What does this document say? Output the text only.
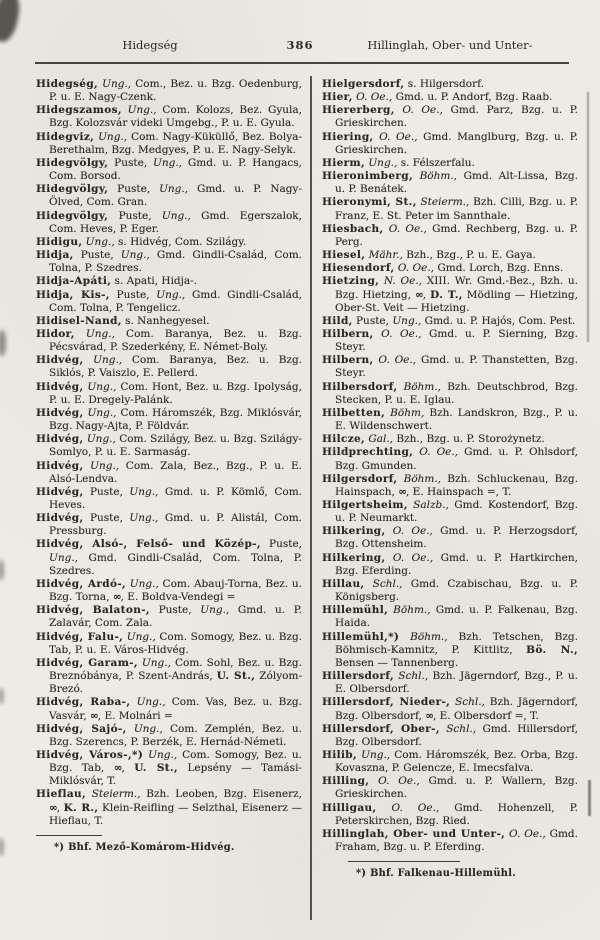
Hidegség	386	Hillinglah, Ober- und Unter-

Hidegség, Ung., Com., Bez. u. Bzg. Oedenburg, P. u. E. Nagy-Czenk.

Hidegszamos, Ung., Com. Kolozs, Bez. Gyula, Bzg. Kolozsvár videki Umgebg., P. u. E. Gyula.

Hidegviz, Ung., Com. Nagy-Küküllő, Bez. Bolya-Berethalm, Bzg. Medgyes, P. u. E. Nagy-Selyk.

Hidegvölgy, Puste, Ung., Gmd. u. P. Hangacs, Com. Borsod.

Hidegvölgy, Puste, Ung., Gmd. u. P. Nagy-Ölved, Com. Gran.

Hidegvölgy, Puste, Ung., Gmd. Egerszalok, Com. Heves, P. Eger.

Hidigu, Ung., s. Hidvég, Com. Szilágy.

Hidja, Puste, Ung., Gmd. Gindli-Család, Com. Tolna, P. Szedres.

Hidja-Apáti, s. Apati, Hidja-.

Hidja, Kis-, Puste, Ung., Gmd. Gindli-Család, Com. Tolna, P. Tengelicz.

Hidisel-Nand, s. Nanhegyesel.

Hidor, Ung., Com. Baranya, Bez. u. Bzg. Pécsvárad, P. Szederkény, E. Német-Boly.

Hidvég, Ung., Com. Baranya, Bez. u. Bzg. Siklós, P. Vaiszlo, E. Pellerd.

Hidvég, Ung., Com. Hont, Bez. u. Bzg. Ipolyság, P. u. E. Dregely-Palánk.

Hidvég, Ung., Com. Háromszék, Bzg. Miklósvár, Bzg. Nagy-Ajta, P. Földvár.

Hidvég, Ung., Com. Szilágy, Bez. u. Bzg. Szilágy-Somlyo, P. u. E. Sarmaság.

Hidvég, Ung., Com. Zala, Bez., Bzg., P. u. E. Alsó-Lendva.

Hidvég, Puste, Ung., Gmd. u. P. Kömlő, Com. Heves.

Hidvég, Puste, Ung., Gmd. u. P. Alistál, Com. Pressburg.

Hidvég, Alsó-, Felső- und Közép-, Puste, Ung., Gmd. Gindli-Család, Com. Tolna, P. Szedres.

Hidvég, Ardó-, Ung., Com. Abauj-Torna, Bez. u. Bzg. Torna, ∞, E. Boldva-Vendegi =

Hidvég, Balaton-, Puste, Ung., Gmd. u. P. Zalavár, Com. Zala.

Hidvég, Falu-, Ung., Com. Somogy, Bez. u. Bzg. Tab, P. u. E. Város-Hidvég.

Hidvég, Garam-, Ung., Com. Sohl, Bez. u. Bzg. Breznóbánya, P. Szent-András, U. St., Zólyom-Brezó.

Hidvég, Raba-, Ung., Com. Vas, Bez. u. Bzg. Vasvár, ∞, E. Molnári =

Hidvég, Sajó-, Ung., Com. Zemplén, Bez. u. Bzg. Szerencs, P. Berzék, E. Hernád-Németi.

Hidvég, Város-,*) Ung., Com. Somogy, Bez. u. Bzg. Tab, ∞, U. St., Lepsény — Tamási-Miklósvár, T.

Hieflau, Steierm., Bzh. Leoben, Bzg. Eisenerz, ∞, K. R., Klein-Reifling — Selzthal, Eisenerz — Hieflau, T.

*) Bhf. Mező-Komárom-Hidvég.

Hielgersdorf, s. Hilgersdorf.

Hier, O. Oe., Gmd. u. P. Andorf, Bzg. Raab.

Hiererberg, O. Oe., Gmd. Parz, Bzg. u. P. Grieskirchen.

Hiering, O. Oe., Gmd. Manglburg, Bzg. u. P. Grieskirchen.

Hierm, Ung., s. Félszerfalu.

Hieronimberg, Böhm., Gmd. Alt-Lissa, Bzg. u. P. Benátek.

Hieronymi, St., Steierm., Bzh. Cilli, Bzg. u. P. Franz, E. St. Peter im Sannthale.

Hiesbach, O. Oe., Gmd. Rechberg, Bzg. u. P. Perg.

Hiesel, Mähr., Bzh., Bzg., P. u. E. Gaya.

Hiesendorf, O. Oe., Gmd. Lorch, Bzg. Enns.

Hietzing, N. Oe., XIII. Wr. Gmd.-Bez., Bzh. u. Bzg. Hietzing, ∞, D. T., Mödling — Hietzing, Ober-St. Veit — Hietzing.

Hild, Puste, Ung., Gmd. u. P. Hajós, Com. Pest.

Hilbern, O. Oe., Gmd. u. P. Sierning, Bzg. Steyr.

Hilbern, O. Oe., Gmd. u. P. Thanstetten, Bzg. Steyr.

Hilbersdorf, Böhm., Bzh. Deutschbrod, Bzg. Stecken, P. u. E. Iglau.

Hilbetten, Böhm, Bzh. Landskron, Bzg., P. u. E. Wildenschwert.

Hilcze, Gal., Bzh., Bzg. u. P. Storożynetz.

Hildprechting, O. Oe., Gmd. u. P. Ohlsdorf, Bzg. Gmunden.

Hilgersdorf, Böhm., Bzh. Schluckenau, Bzg. Hainspach, ∞, E. Hainspach =, T.

Hilgertsheim, Salzb., Gmd. Kostendorf, Bzg. u. P. Neumarkt.

Hilkering, O. Oe., Gmd. u. P. Herzogsdorf, Bzg. Ottensheim.

Hilkering, O. Oe., Gmd. u. P. Hartkirchen, Bzg. Eferding.

Hillau, Schl., Gmd. Czabischau, Bzg. u. P. Königsberg.

Hillemühl, Böhm., Gmd. u. P. Falkenau, Bzg. Haida.

Hillemühl,*) Böhm., Bzh. Tetschen, Bzg. Böhmisch-Kamnitz, P. Kittlitz, Bö. N., Bensen — Tannenberg.

Hillersdorf, Schl., Bzh. Jägerndorf, Bzg., P. u. E. Olbersdorf.

Hillersdorf, Nieder-, Schl., Bzh. Jägerndorf, Bzg. Olbersdorf, ∞, E. Olbersdorf =, T.

Hillersdorf, Ober-, Schl., Gmd. Hillersdorf, Bzg. Olbersdorf.

Hilib, Ung., Com. Háromszék, Bez. Orba, Bzg. Kovaszna, P. Gelencze, E. Imecsfalva.

Hilling, O. Oe., Gmd. u. P. Wallern, Bzg. Grieskirchen.

Hilligau, O. Oe., Gmd. Hohenzell, P. Peterskirchen, Bzg. Ried.

Hillinglah, Ober- und Unter-, O. Oe., Gmd. Fraham, Bzg. u. P. Eferding.

*) Bhf. Falkenau-Hillemühl.
